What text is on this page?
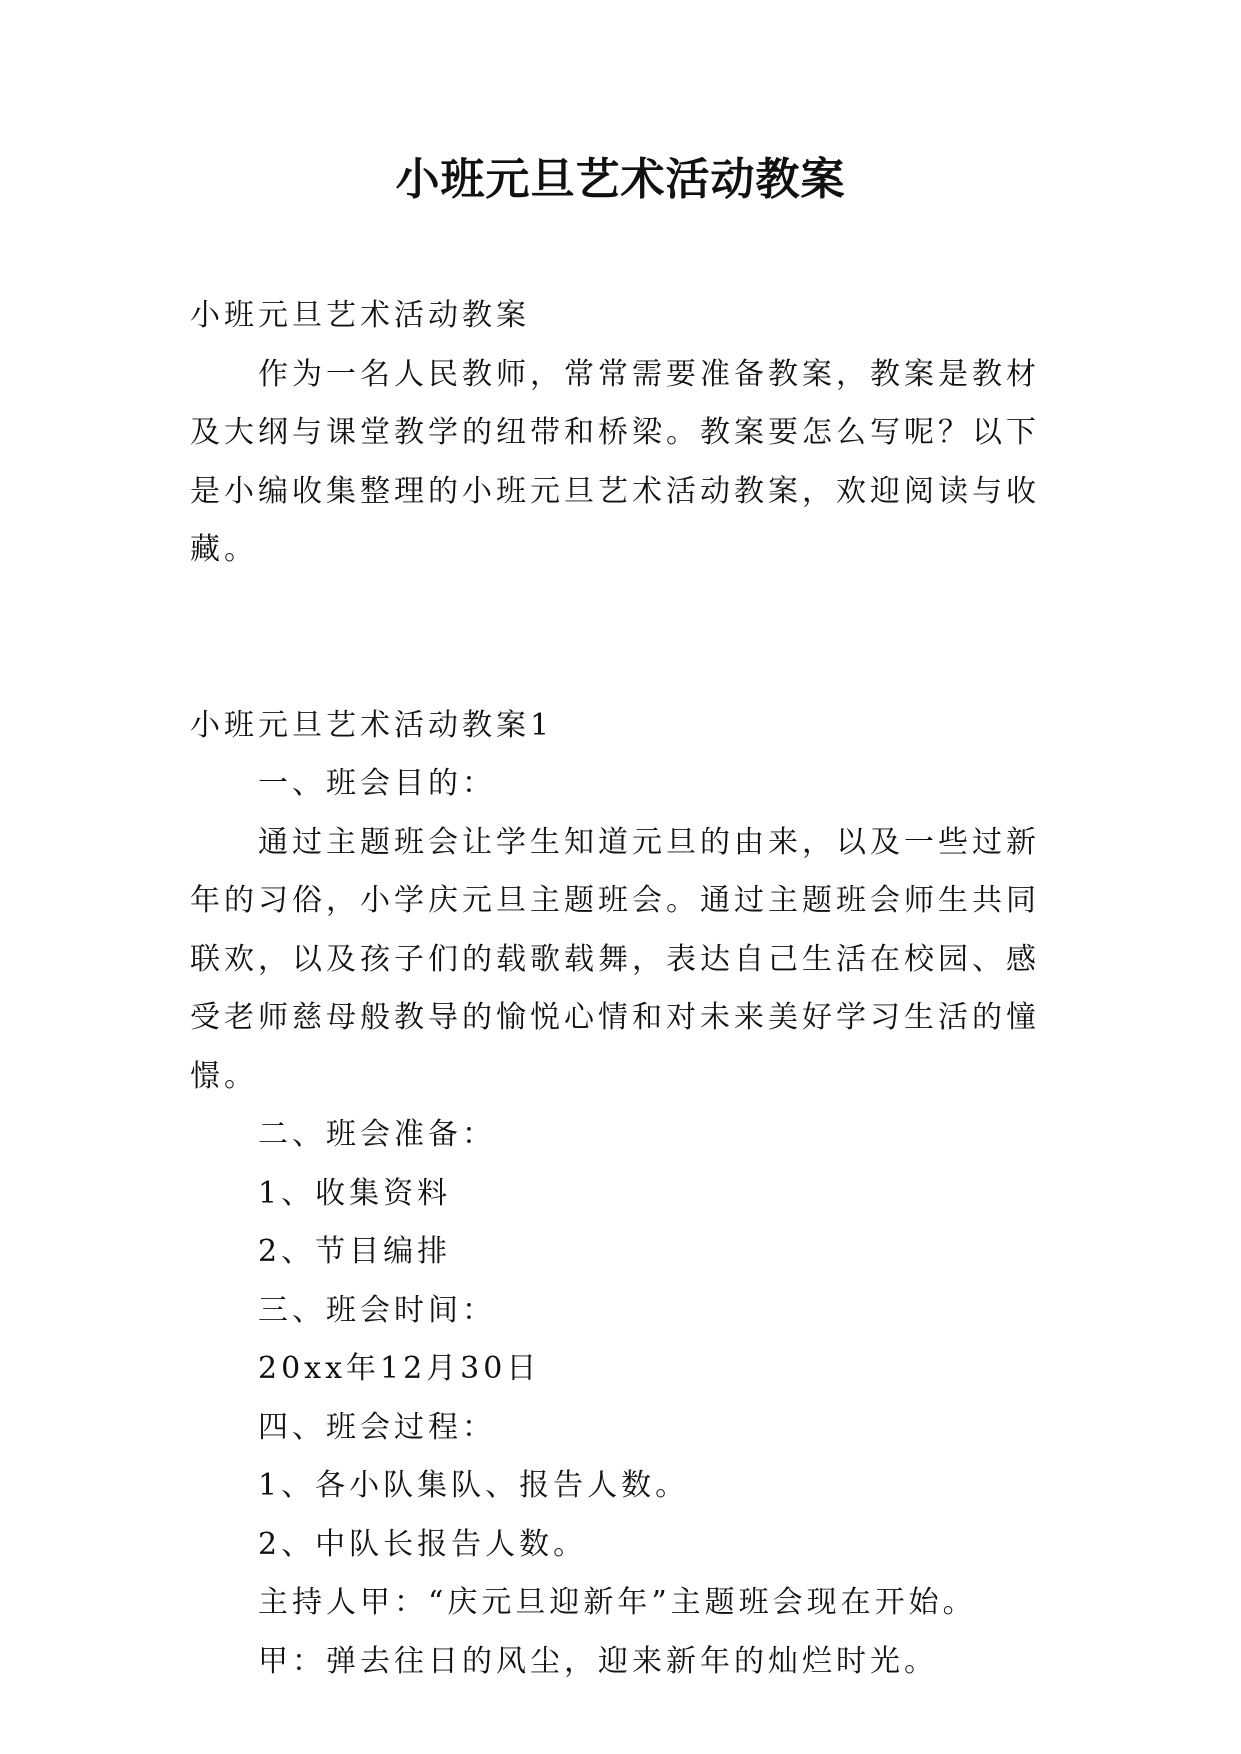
小班元旦艺术活动教案

小班元旦艺术活动教案

作为一名人民教师，常常需要准备教案，教案是教材及大纲与课堂教学的纽带和桥梁。教案要怎么写呢？以下是小编收集整理的小班元旦艺术活动教案，欢迎阅读与收藏。

小班元旦艺术活动教案1

一、班会目的：

通过主题班会让学生知道元旦的由来，以及一些过新年的习俗，小学庆元旦主题班会。通过主题班会师生共同联欢，以及孩子们的载歌载舞，表达自己生活在校园、感受老师慈母般教导的愉悦心情和对未来美好学习生活的憧憬。

二、班会准备：

1、收集资料

2、节目编排

三、班会时间：

20xx年12月30日

四、班会过程：

1、各小队集队、报告人数。

2、中队长报告人数。

主持人甲：“庆元旦迎新年”主题班会现在开始。

甲：弹去往日的风尘，迎来新年的灿烂时光。
